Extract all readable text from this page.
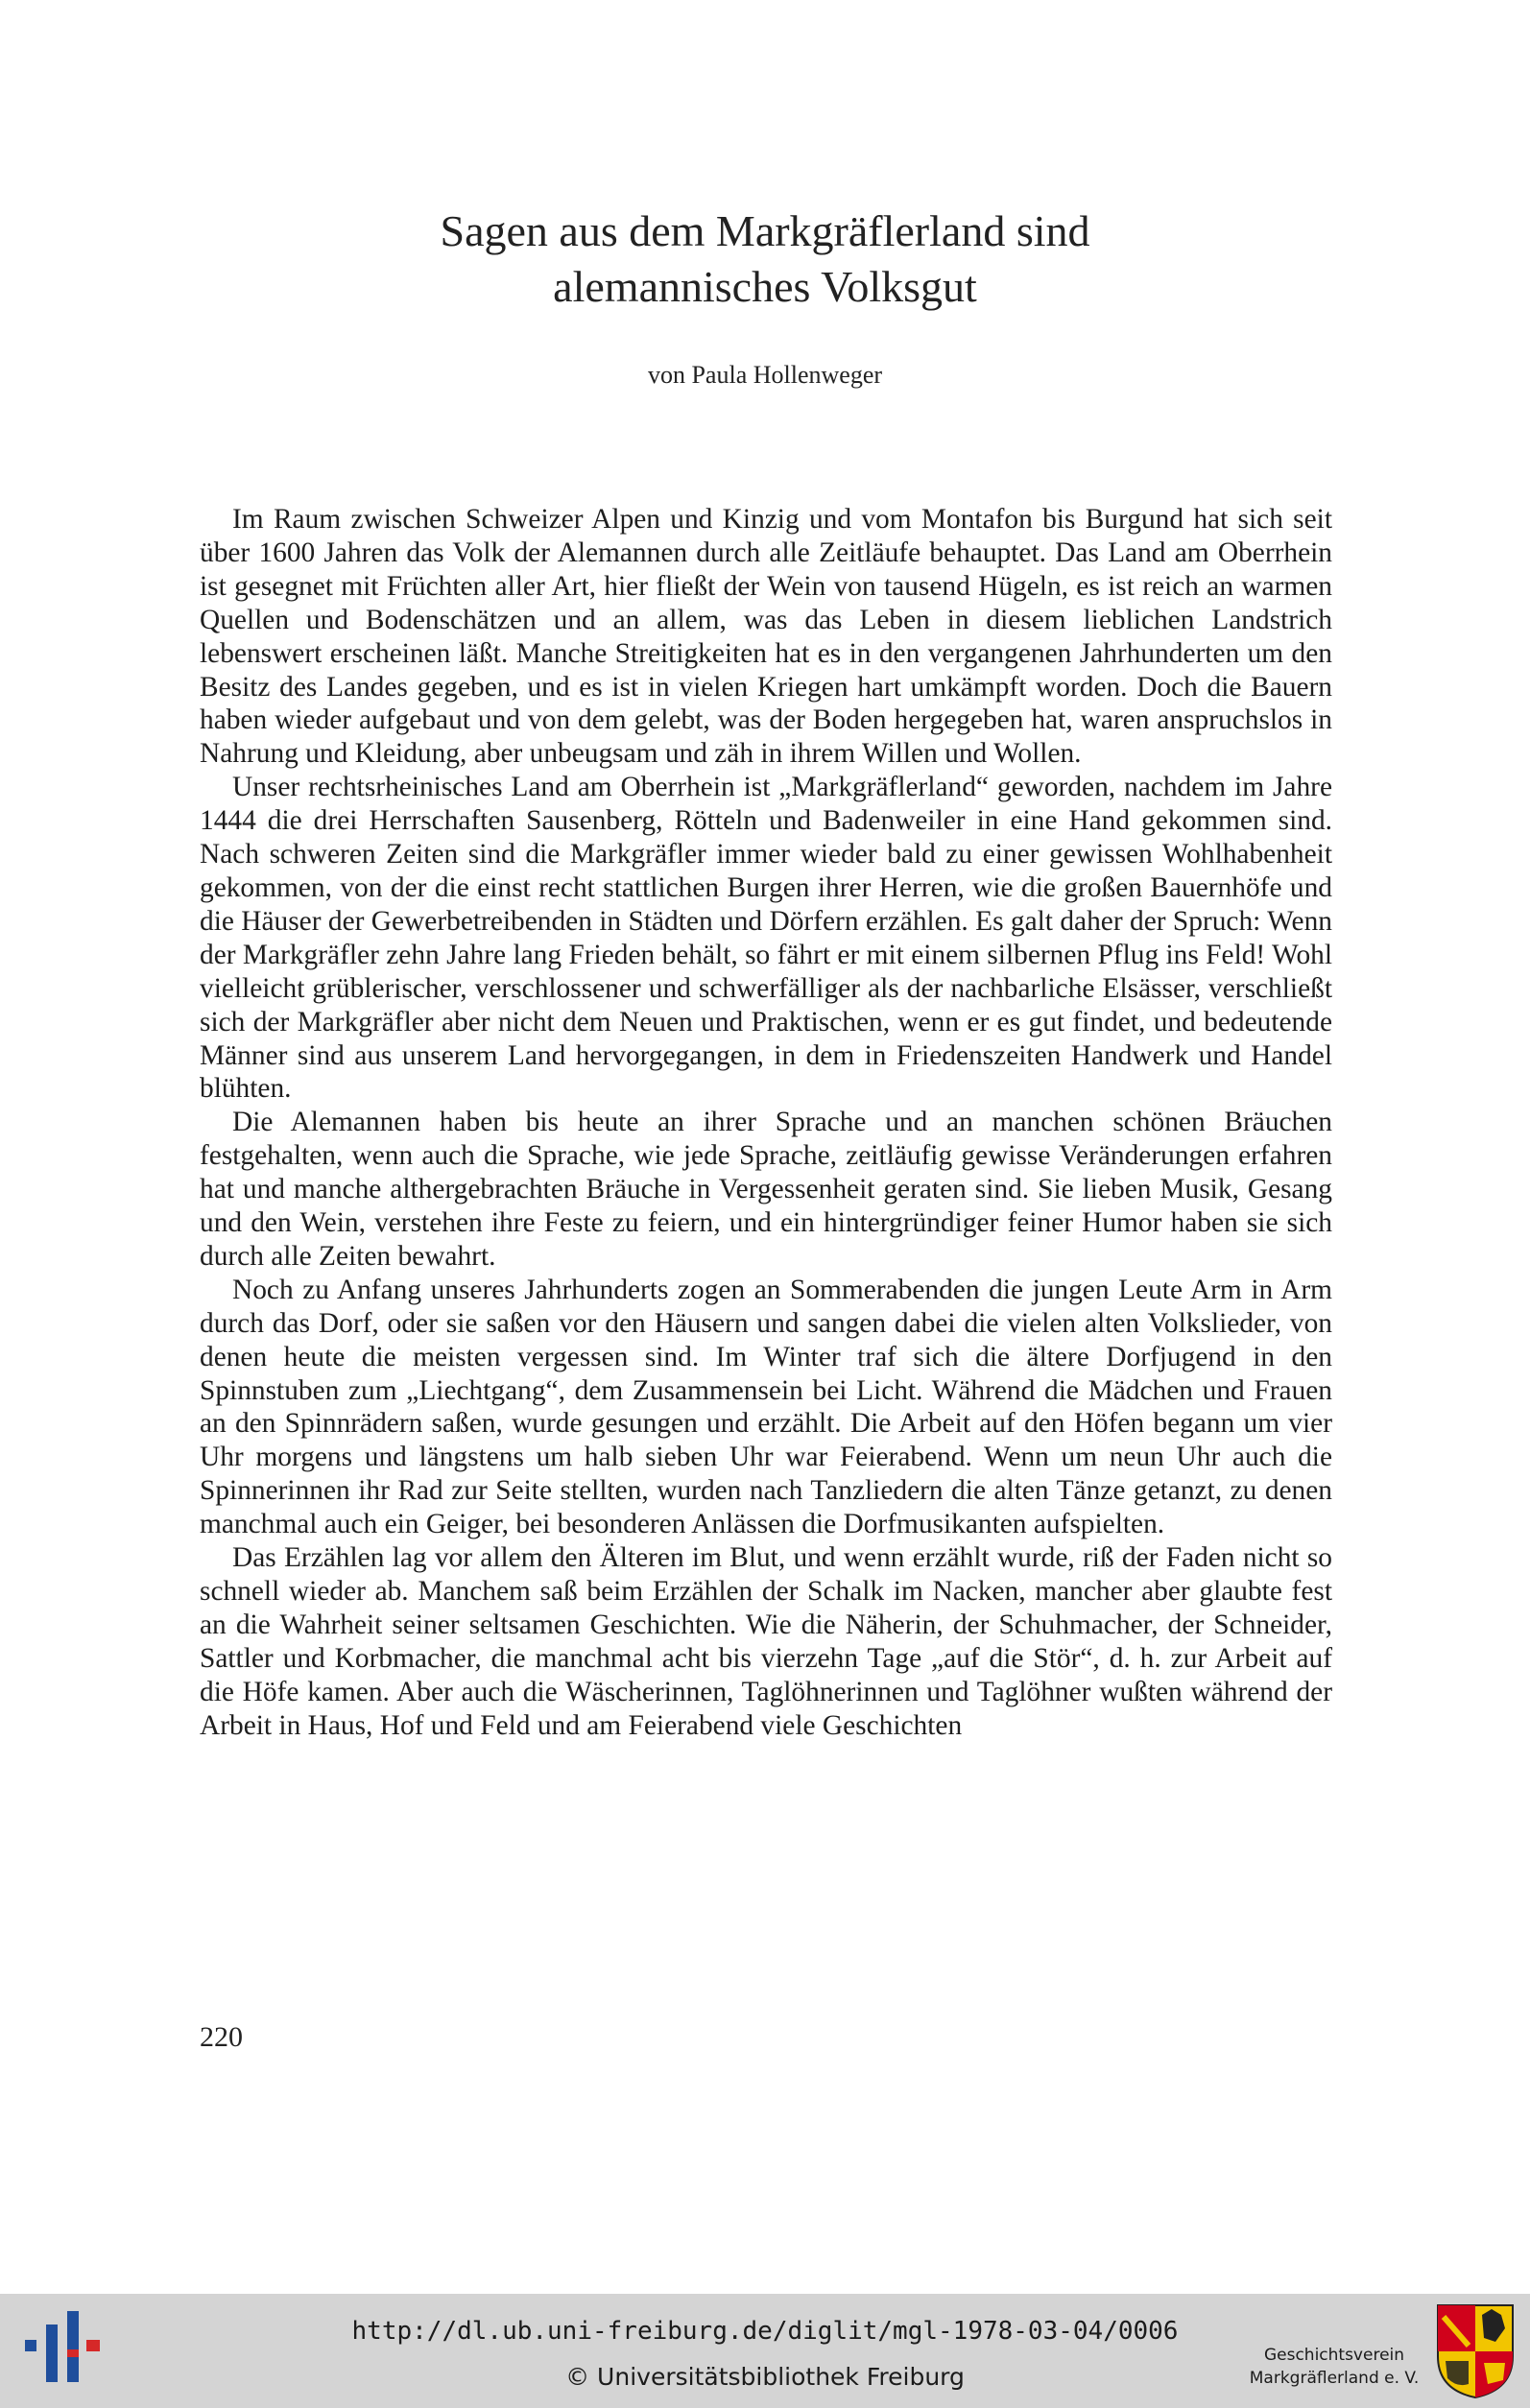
Sagen aus dem Markgräflerland sind
alemannisches Volksgut
von Paula Hollenweger

Im Raum zwischen Schweizer Alpen und Kinzig und vom Montafon bis Burgund hat sich seit über 1600 Jahren das Volk der Alemannen durch alle Zeitläufe behauptet. Das Land am Oberrhein ist gesegnet mit Früchten aller Art, hier fließt der Wein von tausend Hügeln, es ist reich an warmen Quellen und Bodenschätzen und an allem, was das Leben in diesem lieblichen Landstrich lebenswert erscheinen läßt. Manche Streitigkeiten hat es in den vergangenen Jahrhunderten um den Besitz des Landes gegeben, und es ist in vielen Kriegen hart umkämpft worden. Doch die Bauern haben wieder aufgebaut und von dem gelebt, was der Boden hergegeben hat, waren anspruchslos in Nahrung und Kleidung, aber unbeugsam und zäh in ihrem Willen und Wollen.

Unser rechtsrheinisches Land am Oberrhein ist „Markgräflerland“ geworden, nachdem im Jahre 1444 die drei Herrschaften Sausenberg, Rötteln und Badenweiler in eine Hand gekommen sind. Nach schweren Zeiten sind die Markgräfler immer wieder bald zu einer gewissen Wohlhabenheit gekommen, von der die einst recht stattlichen Burgen ihrer Herren, wie die großen Bauernhöfe und die Häuser der Gewerbetreibenden in Städten und Dörfern erzählen. Es galt daher der Spruch: Wenn der Markgräfler zehn Jahre lang Frieden behält, so fährt er mit einem silbernen Pflug ins Feld! Wohl vielleicht grüblerischer, verschlossener und schwerfälliger als der nachbarliche Elsässer, verschließt sich der Markgräfler aber nicht dem Neuen und Praktischen, wenn er es gut findet, und bedeutende Männer sind aus unserem Land hervorgegangen, in dem in Friedenszeiten Handwerk und Handel blühten.

Die Alemannen haben bis heute an ihrer Sprache und an manchen schönen Bräuchen festgehalten, wenn auch die Sprache, wie jede Sprache, zeitläufig gewisse Veränderungen erfahren hat und manche althergebrachten Bräuche in Vergessenheit geraten sind. Sie lieben Musik, Gesang und den Wein, verstehen ihre Feste zu feiern, und ein hintergründiger feiner Humor haben sie sich durch alle Zeiten bewahrt.

Noch zu Anfang unseres Jahrhunderts zogen an Sommerabenden die jungen Leute Arm in Arm durch das Dorf, oder sie saßen vor den Häusern und sangen dabei die vielen alten Volkslieder, von denen heute die meisten vergessen sind. Im Winter traf sich die ältere Dorfjugend in den Spinnstuben zum „Liechtgang“, dem Zusammensein bei Licht. Während die Mädchen und Frauen an den Spinnrädern saßen, wurde gesungen und erzählt. Die Arbeit auf den Höfen begann um vier Uhr morgens und längstens um halb sieben Uhr war Feierabend. Wenn um neun Uhr auch die Spinnerinnen ihr Rad zur Seite stellten, wurden nach Tanzliedern die alten Tänze getanzt, zu denen manchmal auch ein Geiger, bei besonderen Anlässen die Dorfmusikanten aufspielten.

Das Erzählen lag vor allem den Älteren im Blut, und wenn erzählt wurde, riß der Faden nicht so schnell wieder ab. Manchem saß beim Erzählen der Schalk im Nacken, mancher aber glaubte fest an die Wahrheit seiner seltsamen Geschichten. Wie die Näherin, der Schuhmacher, der Schneider, Sattler und Korbmacher, die manchmal acht bis vierzehn Tage „auf die Stör“, d. h. zur Arbeit auf die Höfe kamen. Aber auch die Wäscherinnen, Taglöhnerinnen und Taglöhner wußten während der Arbeit in Haus, Hof und Feld und am Feierabend viele Geschichten

220
http://dl.ub.uni-freiburg.de/diglit/mgl-1978-03-04/0006
© Universitätsbibliothek Freiburg
Geschichtsverein
Markgräflerland e. V.
